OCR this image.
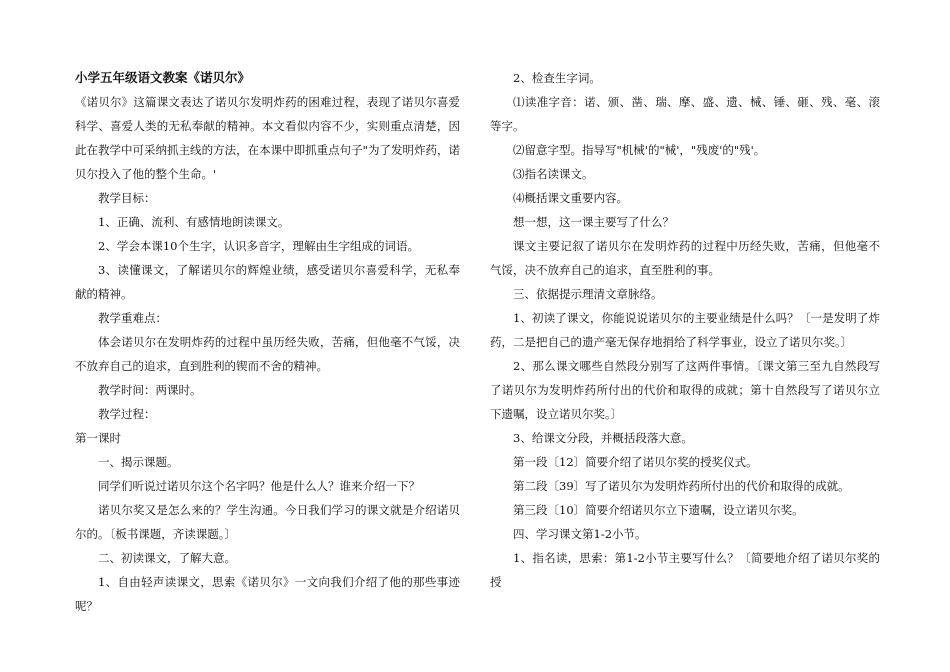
小学五年级语文教案《诺贝尔》

《诺贝尔》这篇课文表达了诺贝尔发明炸药的困难过程，表现了诺贝尔喜爱科学、喜爱人类的无私奉献的精神。本文看似内容不少，实则重点清楚，因此在教学中可采纳抓主线的方法，在本课中即抓重点句子"为了发明炸药，诺贝尔投入了他的整个生命。'

教学目标：

1、正确、流利、有感情地朗读课文。

2、学会本课10个生字，认识多音字，理解由生字组成的词语。

3、读懂课文，了解诺贝尔的辉煌业绩，感受诺贝尔喜爱科学，无私奉献的精神。

教学重难点：

体会诺贝尔在发明炸药的过程中虽历经失败，苦痛，但他毫不气馁，决不放弃自己的追求，直到胜利的锲而不舍的精神。

教学时间：两课时。

教学过程：

第一课时

一、揭示课题。

同学们听说过诺贝尔这个名字吗？他是什么人？谁来介绍一下？

诺贝尔奖又是怎么来的？学生沟通。今日我们学习的课文就是介绍诺贝尔的。〔板书课题，齐读课题。〕

二、初读课文，了解大意。

1、自由轻声读课文，思索《诺贝尔》一文向我们介绍了他的那些事迹呢？

2、检查生字词。

⑴读准字音：诺、颁、凿、瑞、摩、盛、遗、械、锤、砸、残、毫、滚等字。

⑵留意字型。指导写"机械'的"械'，"残废'的"残'。

⑶指名读课文。

⑷概括课文重要内容。

想一想，这一课主要写了什么？

课文主要记叙了诺贝尔在发明炸药的过程中历经失败，苦痛，但他毫不气馁，决不放弃自己的追求，直至胜利的事。

三、依据提示理清文章脉络。

1、初读了课文，你能说说诺贝尔的主要业绩是什么吗？〔一是发明了炸药，二是把自己的遗产毫无保存地捐给了科学事业，设立了诺贝尔奖。〕

2、那么课文哪些自然段分别写了这两件事情。〔课文第三至九自然段写了诺贝尔为发明炸药所付出的代价和取得的成就；第十自然段写了诺贝尔立下遗嘱，设立诺贝尔奖。〕

3、给课文分段，并概括段落大意。

第一段〔12〕简要介绍了诺贝尔奖的授奖仪式。

第二段〔39〕写了诺贝尔为发明炸药所付出的代价和取得的成就。

第三段〔10〕简要介绍诺贝尔立下遗嘱，设立诺贝尔奖。

四、学习课文第1-2小节。

1、指名读，思索：第1-2小节主要写什么？〔简要地介绍了诺贝尔奖的授
